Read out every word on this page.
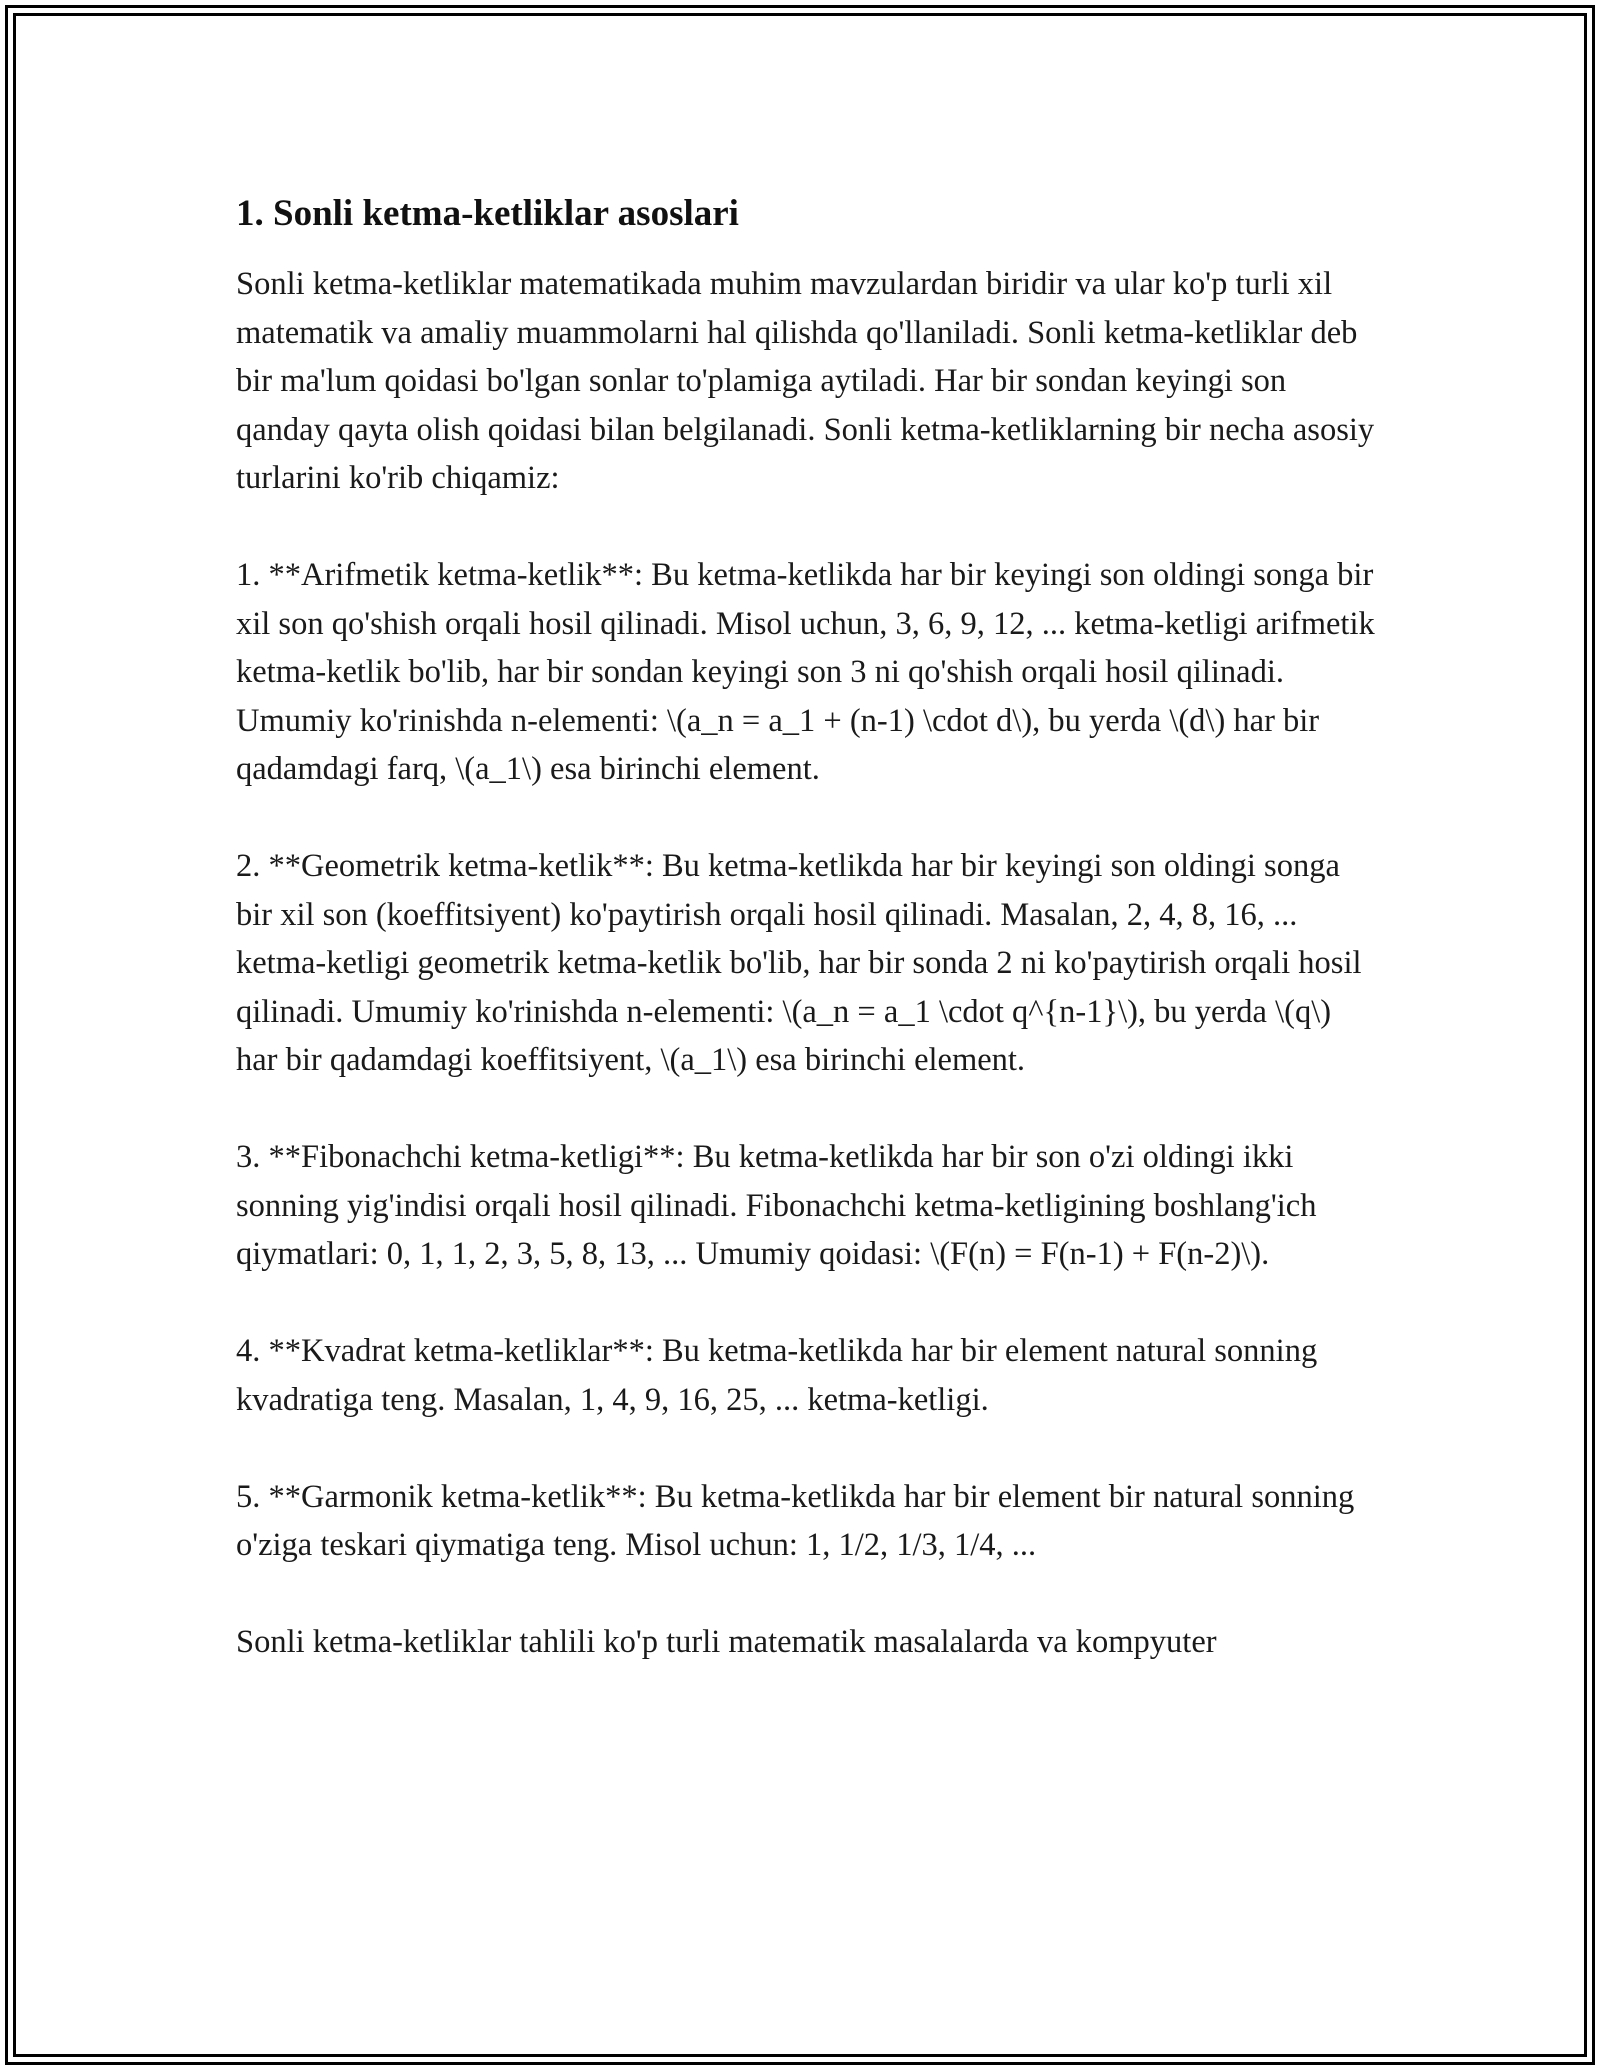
1. Sonli ketma-ketliklar asoslari

Sonli ketma-ketliklar matematikada muhim mavzulardan biridir va ular ko'p turli xil matematik va amaliy muammolarni hal qilishda qo'llaniladi. Sonli ketma-ketliklar deb bir ma'lum qoidasi bo'lgan sonlar to'plamiga aytiladi. Har bir sondan keyingi son qanday qayta olish qoidasi bilan belgilanadi. Sonli ketma-ketliklarning bir necha asosiy turlarini ko'rib chiqamiz:

1. **Arifmetik ketma-ketlik**: Bu ketma-ketlikda har bir keyingi son oldingi songa bir xil son qo'shish orqali hosil qilinadi. Misol uchun, 3, 6, 9, 12, ... ketma-ketligi arifmetik ketma-ketlik bo'lib, har bir sondan keyingi son 3 ni qo'shish orqali hosil qilinadi. Umumiy ko'rinishda n-elementi: \(a_n = a_1 + (n-1) \cdot d\), bu yerda \(d\) har bir qadamdagi farq, \(a_1\) esa birinchi element.

2. **Geometrik ketma-ketlik**: Bu ketma-ketlikda har bir keyingi son oldingi songa bir xil son (koeffitsiyent) ko'paytirish orqali hosil qilinadi. Masalan, 2, 4, 8, 16, ... ketma-ketligi geometrik ketma-ketlik bo'lib, har bir sonda 2 ni ko'paytirish orqali hosil qilinadi. Umumiy ko'rinishda n-elementi: \(a_n = a_1 \cdot q^{n-1}\), bu yerda \(q\) har bir qadamdagi koeffitsiyent, \(a_1\) esa birinchi element.

3. **Fibonachchi ketma-ketligi**: Bu ketma-ketlikda har bir son o'zi oldingi ikki sonning yig'indisi orqali hosil qilinadi. Fibonachchi ketma-ketligining boshlang'ich qiymatlari: 0, 1, 1, 2, 3, 5, 8, 13, ... Umumiy qoidasi: \(F(n) = F(n-1) + F(n-2)\).

4. **Kvadrat ketma-ketliklar**: Bu ketma-ketlikda har bir element natural sonning kvadratiga teng. Masalan, 1, 4, 9, 16, 25, ... ketma-ketligi.

5. **Garmonik ketma-ketlik**: Bu ketma-ketlikda har bir element bir natural sonning o'ziga teskari qiymatiga teng. Misol uchun: 1, 1/2, 1/3, 1/4, ...

Sonli ketma-ketliklar tahlili ko'p turli matematik masalalarda va kompyuter
